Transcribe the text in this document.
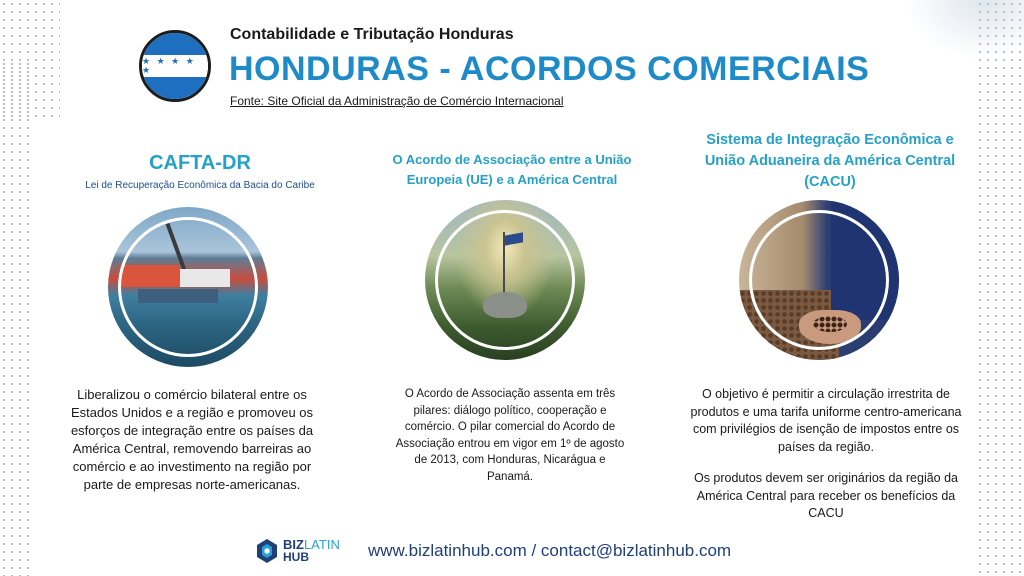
★ ★ ★ ★ ★
Contabilidade e Tributação Honduras
HONDURAS - ACORDOS COMERCIAIS
Fonte: Site Oficial da Administração de Comércio Internacional
CAFTA-DR
Lei de Recuperação Econômica da Bacia do Caribe
Liberalizou o comércio bilateral entre os Estados Unidos e a região e promoveu os esforços de integração entre os países da América Central, removendo barreiras ao comércio e ao investimento na região por parte de empresas norte-americanas.
O Acordo de Associação entre a União Europeia (UE) e a América Central
O Acordo de Associação assenta em três pilares: diálogo político, cooperação e comércio. O pilar comercial do Acordo de Associação entrou em vigor em 1º de agosto de 2013, com Honduras, Nicarágua e Panamá.
Sistema de Integração Econômica e União Aduaneira da América Central (CACU)

O objetivo é permitir a circulação irrestrita de produtos e uma tarifa uniforme centro-americana com privilégios de isenção de impostos entre os países da região.

Os produtos devem ser originários da região da América Central para receber os benefícios da CACU

BIZLATIN
HUB	www.bizlatinhub.com / contact@bizlatinhub.com
